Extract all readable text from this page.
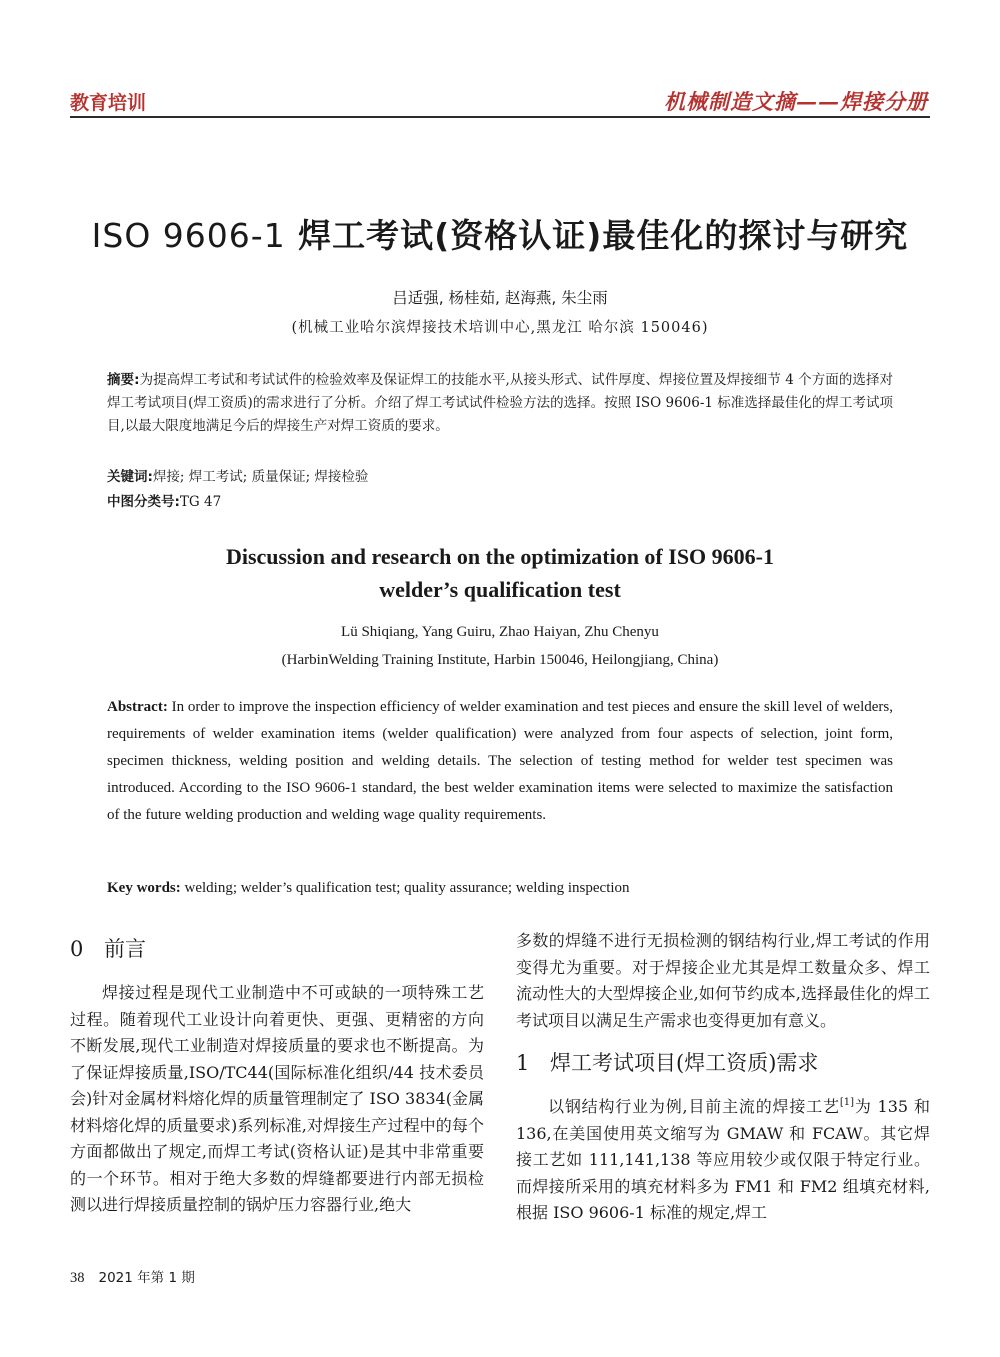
教育培训	机械制造文摘——焊接分册
ISO 9606-1 焊工考试(资格认证)最佳化的探讨与研究
吕适强, 杨桂茹, 赵海燕, 朱尘雨
(机械工业哈尔滨焊接技术培训中心,黑龙江 哈尔滨 150046)
摘要:为提高焊工考试和考试试件的检验效率及保证焊工的技能水平,从接头形式、试件厚度、焊接位置及焊接细节 4 个方面的选择对焊工考试项目(焊工资质)的需求进行了分析。介绍了焊工考试试件检验方法的选择。按照 ISO 9606-1 标准选择最佳化的焊工考试项目,以最大限度地满足今后的焊接生产对焊工资质的要求。
关键词:焊接; 焊工考试; 质量保证; 焊接检验
中图分类号:TG 47
Discussion and research on the optimization of ISO 9606-1
welder’s qualification test
Lü Shiqiang, Yang Guiru, Zhao Haiyan, Zhu Chenyu
(HarbinWelding Training Institute, Harbin 150046, Heilongjiang, China)
Abstract: In order to improve the inspection efficiency of welder examination and test pieces and ensure the skill level of welders, requirements of welder examination items (welder qualification) were analyzed from four aspects of selection, joint form, specimen thickness, welding position and welding details. The selection of testing method for welder test specimen was introduced. According to the ISO 9606-1 standard, the best welder examination items were selected to maximize the satisfaction of the future welding production and welding wage quality requirements.
Key words: welding; welder’s qualification test; quality assurance; welding inspection
0 前言

焊接过程是现代工业制造中不可或缺的一项特殊工艺过程。随着现代工业设计向着更快、更强、更精密的方向不断发展,现代工业制造对焊接质量的要求也不断提高。为了保证焊接质量,ISO/TC44(国际标准化组织/44 技术委员会)针对金属材料熔化焊的质量管理制定了 ISO 3834(金属材料熔化焊的质量要求)系列标准,对焊接生产过程中的每个方面都做出了规定,而焊工考试(资格认证)是其中非常重要的一个环节。相对于绝大多数的焊缝都要进行内部无损检测以进行焊接质量控制的锅炉压力容器行业,绝大

多数的焊缝不进行无损检测的钢结构行业,焊工考试的作用变得尤为重要。对于焊接企业尤其是焊工数量众多、焊工流动性大的大型焊接企业,如何节约成本,选择最佳化的焊工考试项目以满足生产需求也变得更加有意义。

1 焊工考试项目(焊工资质)需求

以钢结构行业为例,目前主流的焊接工艺[1]为 135 和 136,在美国使用英文缩写为 GMAW 和 FCAW。其它焊接工艺如 111,141,138 等应用较少或仅限于特定行业。而焊接所采用的填充材料多为 FM1 和 FM2 组填充材料,根据 ISO 9606-1 标准的规定,焊工

38 2021 年第 1 期
